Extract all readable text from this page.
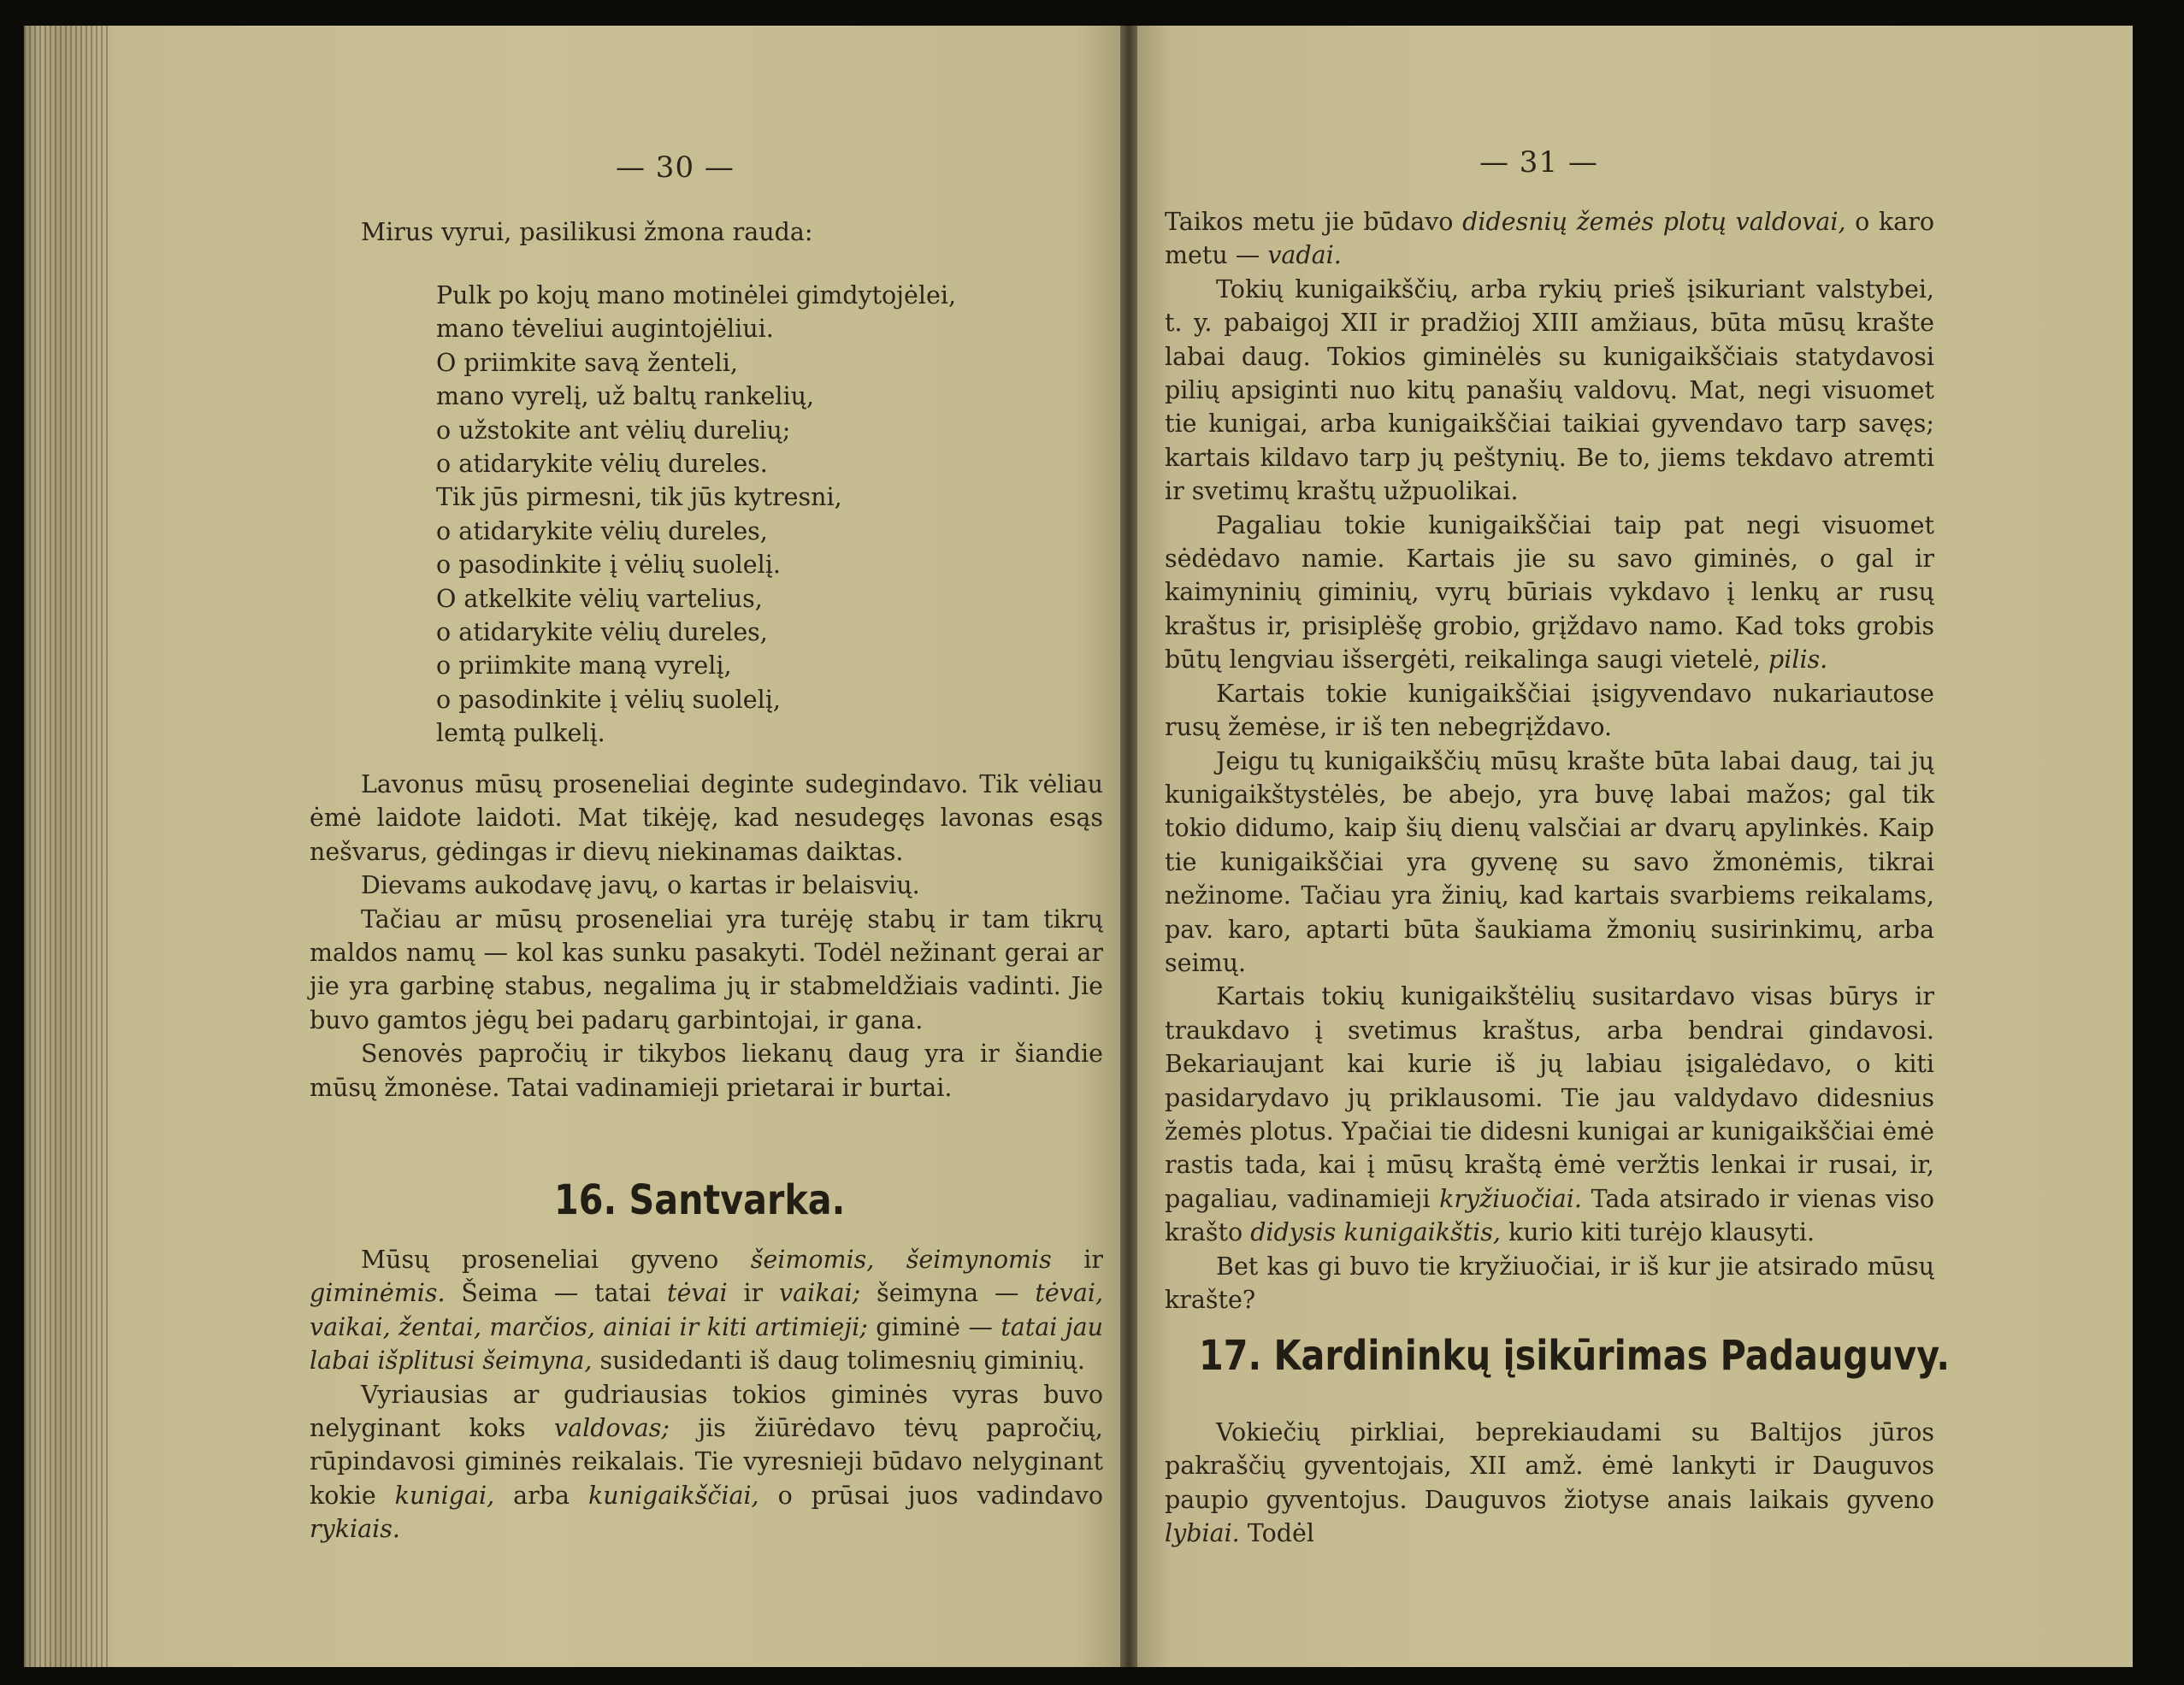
— 30 —

Mirus vyrui, pasilikusi žmona rauda:

Pulk po kojų mano motinėlei gimdytojėlei,
mano tėveliui augintojėliui.
O priimkite savą ženteli,
mano vyrelį, už baltų rankelių,
o užstokite ant vėlių durelių;
o atidarykite vėlių dureles.
Tik jūs pirmesni, tik jūs kytresni,
o atidarykite vėlių dureles,
o pasodinkite į vėlių suolelį.
O atkelkite vėlių vartelius,
o atidarykite vėlių dureles,
o priimkite maną vyrelį,
o pasodinkite į vėlių suolelį,
lemtą pulkelį.

Lavonus mūsų proseneliai deginte sudegindavo. Tik vėliau ėmė laidote laidoti. Mat tikėję, kad nesudegęs lavonas esąs nešvarus, gėdingas ir dievų niekinamas daiktas.

Dievams aukodavę javų, o kartas ir belaisvių.

Tačiau ar mūsų proseneliai yra turėję stabų ir tam tikrų maldos namų — kol kas sunku pasakyti. Todėl nežinant gerai ar jie yra garbinę stabus, negalima jų ir stabmeldžiais vadinti. Jie buvo gamtos jėgų bei padarų garbintojai, ir gana.

Senovės papročių ir tikybos liekanų daug yra ir šiandie mūsų žmonėse. Tatai vadinamieji prietarai ir burtai.

16. Santvarka.

Mūsų proseneliai gyveno šeimomis, šeimynomis ir giminėmis. Šeima — tatai tėvai ir vaikai; šeimyna — tėvai, vaikai, žentai, marčios, ainiai ir kiti artimieji; giminė — tatai jau labai išplitusi šeimyna, susidedanti iš daug tolimesnių giminių.

Vyriausias ar gudriausias tokios giminės vyras buvo nelyginant koks valdovas; jis žiūrėdavo tėvų papročių, rūpindavosi giminės reikalais. Tie vyresnieji būdavo nelyginant kokie kunigai, arba kunigaikščiai, o prūsai juos vadindavo rykiais.

— 31 —

Taikos metu jie būdavo didesnių žemės plotų valdovai, o karo metu — vadai.

Tokių kunigaikščių, arba rykių prieš įsikuriant valstybei, t. y. pabaigoj XII ir pradžioj XIII amžiaus, būta mūsų krašte labai daug. Tokios giminėlės su kunigaikščiais statydavosi pilių apsiginti nuo kitų panašių valdovų. Mat, negi visuomet tie kunigai, arba kunigaikščiai taikiai gyvendavo tarp savęs; kartais kildavo tarp jų peštynių. Be to, jiems tekdavo atremti ir svetimų kraštų užpuolikai.

Pagaliau tokie kunigaikščiai taip pat negi visuomet sėdėdavo namie. Kartais jie su savo giminės, o gal ir kaimyninių giminių, vyrų būriais vykdavo į lenkų ar rusų kraštus ir, prisiplėšę grobio, grįždavo namo. Kad toks grobis būtų lengviau išsergėti, reikalinga saugi vietelė, pilis.

Kartais tokie kunigaikščiai įsigyvendavo nukariautose rusų žemėse, ir iš ten nebegrįždavo.

Jeigu tų kunigaikščių mūsų krašte būta labai daug, tai jų kunigaikštystėlės, be abejo, yra buvę labai mažos; gal tik tokio didumo, kaip šių dienų valsčiai ar dvarų apylinkės. Kaip tie kunigaikščiai yra gyvenę su savo žmonėmis, tikrai nežinome. Tačiau yra žinių, kad kartais svarbiems reikalams, pav. karo, aptarti būta šaukiama žmonių susirinkimų, arba seimų.

Kartais tokių kunigaikštėlių susitardavo visas būrys ir traukdavo į svetimus kraštus, arba bendrai gindavosi. Bekariaujant kai kurie iš jų labiau įsigalėdavo, o kiti pasidarydavo jų priklausomi. Tie jau valdydavo didesnius žemės plotus. Ypačiai tie didesni kunigai ar kunigaikščiai ėmė rastis tada, kai į mūsų kraštą ėmė veržtis lenkai ir rusai, ir, pagaliau, vadinamieji kryžiuočiai. Tada atsirado ir vienas viso krašto didysis kunigaikštis, kurio kiti turėjo klausyti.

Bet kas gi buvo tie kryžiuočiai, ir iš kur jie atsirado mūsų krašte?

17. Kardininkų įsikūrimas Padauguvy.

Vokiečių pirkliai, beprekiaudami su Baltijos jūros pakraščių gyventojais, XII amž. ėmė lankyti ir Dauguvos paupio gyventojus. Dauguvos žiotyse anais laikais gyveno lybiai. Todėl
